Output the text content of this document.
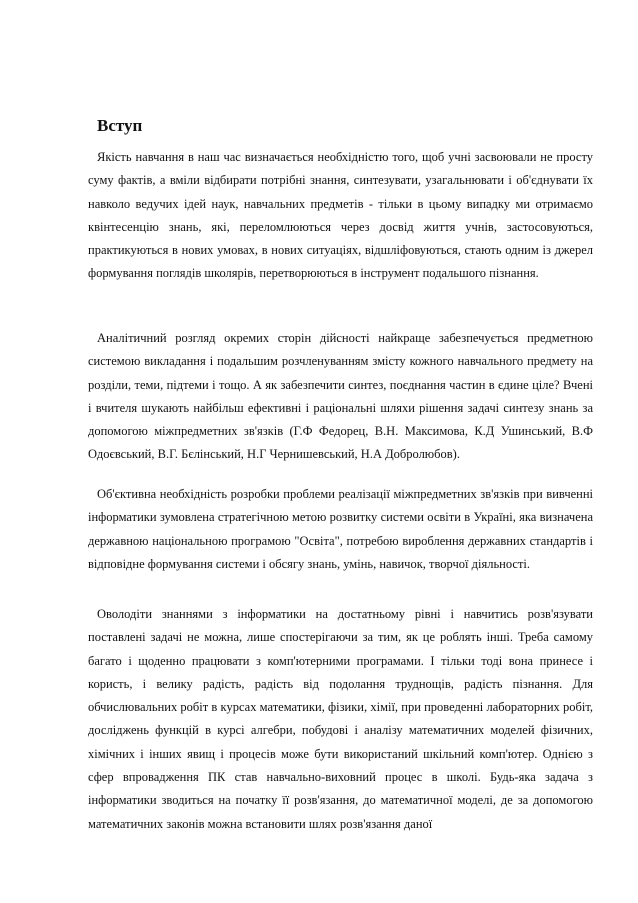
Вступ

Якість навчання в наш час визначається необхідністю того, щоб учні засвоювали не просту суму фактів, а вміли відбирати потрібні знання, синтезувати, узагальнювати і об'єднувати їх навколо ведучих ідей наук, навчальних предметів - тільки в цьому випадку ми отримаємо квінтесенцію знань, які, переломлюються через досвід життя учнів, застосовуються, практикуються в нових умовах, в нових ситуаціях, відшліфовуються, стають одним із джерел формування поглядів школярів, перетворюються в інструмент подальшого пізнання.

Аналітичний розгляд окремих сторін дійсності найкраще забезпечується предметною системою викладання і подальшим розчленуванням змісту кожного навчального предмету на розділи, теми, підтеми і тощо. А як забезпечити синтез, поєднання частин в єдине ціле? Вчені і вчителя шукають найбільш ефективні і раціональні шляхи рішення задачі синтезу знань за допомогою міжпредметних зв'язків (Г.Ф Федорец, В.Н. Максимова, К.Д Ушинський, В.Ф Одоєвський, В.Г. Бєлінський, Н.Г Чернишевський, Н.А Добролюбов).

Об'єктивна необхідність розробки проблеми реалізації міжпредметних зв'язків при вивченні інформатики зумовлена стратегічною метою розвитку системи освіти в Україні, яка визначена державною національною програмою "Освіта", потребою вироблення державних стандартів і відповідне формування системи і обсягу знань, умінь, навичок, творчої діяльності.

Оволодіти знаннями з інформатики на достатньому рівні і навчитись розв'язувати поставлені задачі не можна, лише спостерігаючи за тим, як це роблять інші. Треба самому багато і щоденно працювати з комп'ютерними програмами. І тільки тоді вона принесе і користь, і велику радість, радість від подолання труднощів, радість пізнання. Для обчислювальних робіт в курсах математики, фізики, хімії, при проведенні лабораторних робіт, досліджень функцій в курсі алгебри, побудові і аналізу математичних моделей фізичних, хімічних і інших явищ і процесів може бути використаний шкільний комп'ютер. Однією з сфер впровадження ПК став навчально-виховний процес в школі. Будь-яка задача з інформатики зводиться на початку її розв'язання, до математичної моделі, де за допомогою математичних законів можна встановити шлях розв'язання даної
